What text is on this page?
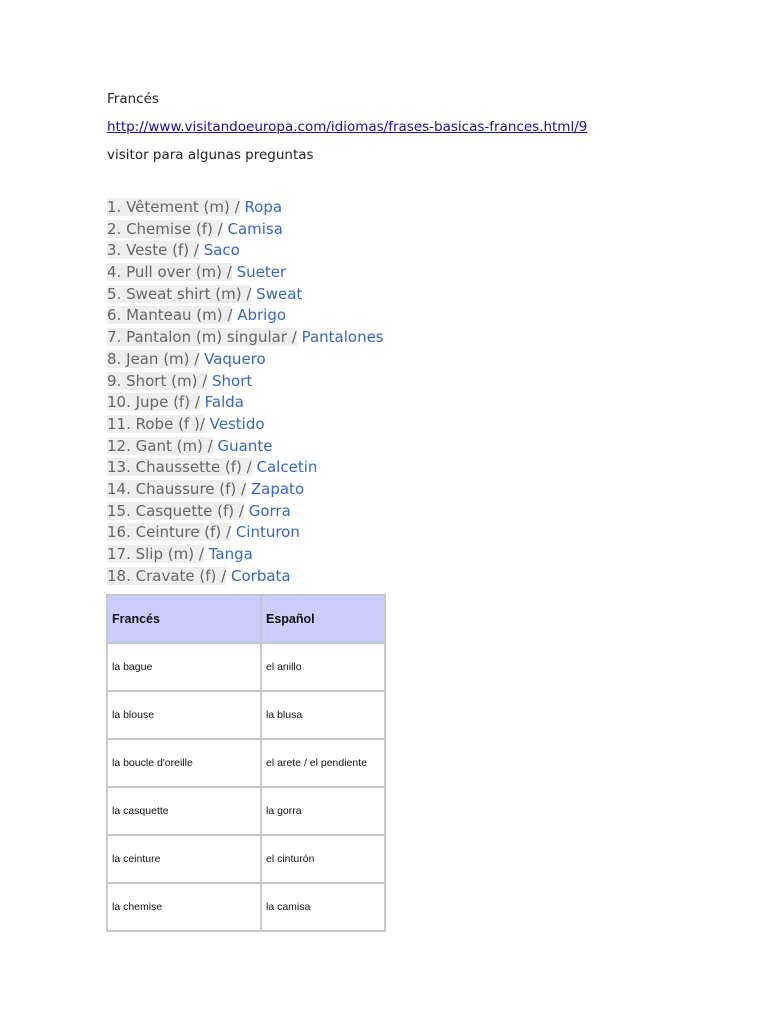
Francés
http://www.visitandoeuropa.com/idiomas/frases-basicas-frances.html/9
visitor para algunas preguntas
1. Vêtement (m) / Ropa
2. Chemise (f) / Camisa
3. Veste (f) / Saco
4. Pull over (m) / Sueter
5. Sweat shirt (m) / Sweat
6. Manteau (m) / Abrigo
7. Pantalon (m) singular / Pantalones
8. Jean (m) / Vaquero
9. Short (m) / Short
10. Jupe (f) / Falda
11. Robe (f )/ Vestido
12. Gant (m) / Guante
13. Chaussette (f) / Calcetin
14. Chaussure (f) / Zapato
15. Casquette (f) / Gorra
16. Ceinture (f) / Cinturon
17. Slip (m) / Tanga
18. Cravate (f) / Corbata
Francés	Español
la bague	el anillo
la blouse	la blusa
la boucle d'oreille	el arete / el pendiente
la casquette	la gorra
la ceinture	el cinturón
la chemise	la camisa
